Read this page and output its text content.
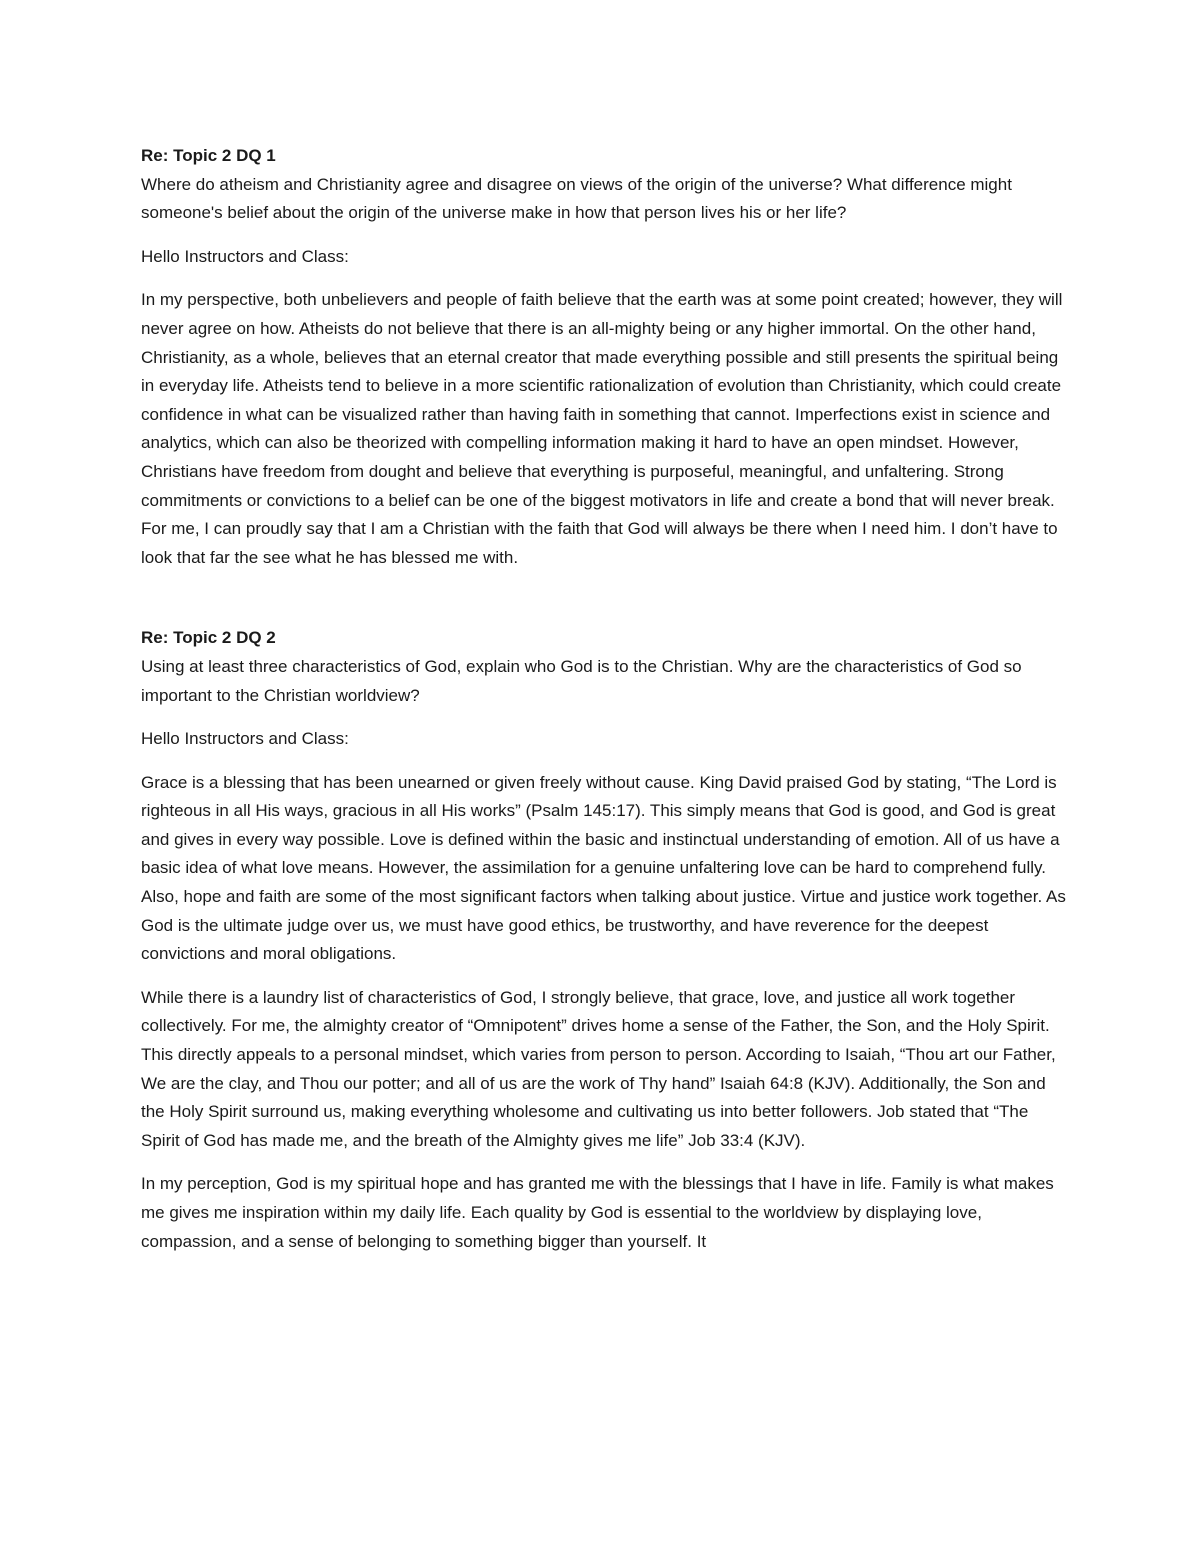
Re: Topic 2 DQ 1

Where do atheism and Christianity agree and disagree on views of the origin of the universe? What difference might someone's belief about the origin of the universe make in how that person lives his or her life?

Hello Instructors and Class:

In my perspective, both unbelievers and people of faith believe that the earth was at some point created; however, they will never agree on how. Atheists do not believe that there is an all-mighty being or any higher immortal. On the other hand, Christianity, as a whole, believes that an eternal creator that made everything possible and still presents the spiritual being in everyday life. Atheists tend to believe in a more scientific rationalization of evolution than Christianity, which could create confidence in what can be visualized rather than having faith in something that cannot. Imperfections exist in science and analytics, which can also be theorized with compelling information making it hard to have an open mindset. However, Christians have freedom from dought and believe that everything is purposeful, meaningful, and unfaltering. Strong commitments or convictions to a belief can be one of the biggest motivators in life and create a bond that will never break. For me, I can proudly say that I am a Christian with the faith that God will always be there when I need him. I don’t have to look that far the see what he has blessed me with.

Re: Topic 2 DQ 2

Using at least three characteristics of God, explain who God is to the Christian. Why are the characteristics of God so important to the Christian worldview?

Hello Instructors and Class:

Grace is a blessing that has been unearned or given freely without cause. King David praised God by stating, “The Lord is righteous in all His ways, gracious in all His works” (Psalm 145:17). This simply means that God is good, and God is great and gives in every way possible. Love is defined within the basic and instinctual understanding of emotion. All of us have a basic idea of what love means. However, the assimilation for a genuine unfaltering love can be hard to comprehend fully. Also, hope and faith are some of the most significant factors when talking about justice. Virtue and justice work together. As God is the ultimate judge over us, we must have good ethics, be trustworthy, and have reverence for the deepest convictions and moral obligations.

While there is a laundry list of characteristics of God, I strongly believe, that grace, love, and justice all work together collectively. For me, the almighty creator of “Omnipotent” drives home a sense of the Father, the Son, and the Holy Spirit. This directly appeals to a personal mindset, which varies from person to person. According to Isaiah, “Thou art our Father, We are the clay, and Thou our potter; and all of us are the work of Thy hand” Isaiah 64:8 (KJV). Additionally, the Son and the Holy Spirit surround us, making everything wholesome and cultivating us into better followers. Job stated that “The Spirit of God has made me, and the breath of the Almighty gives me life” Job 33:4 (KJV).

In my perception, God is my spiritual hope and has granted me with the blessings that I have in life. Family is what makes me gives me inspiration within my daily life. Each quality by God is essential to the worldview by displaying love, compassion, and a sense of belonging to something bigger than yourself. It
